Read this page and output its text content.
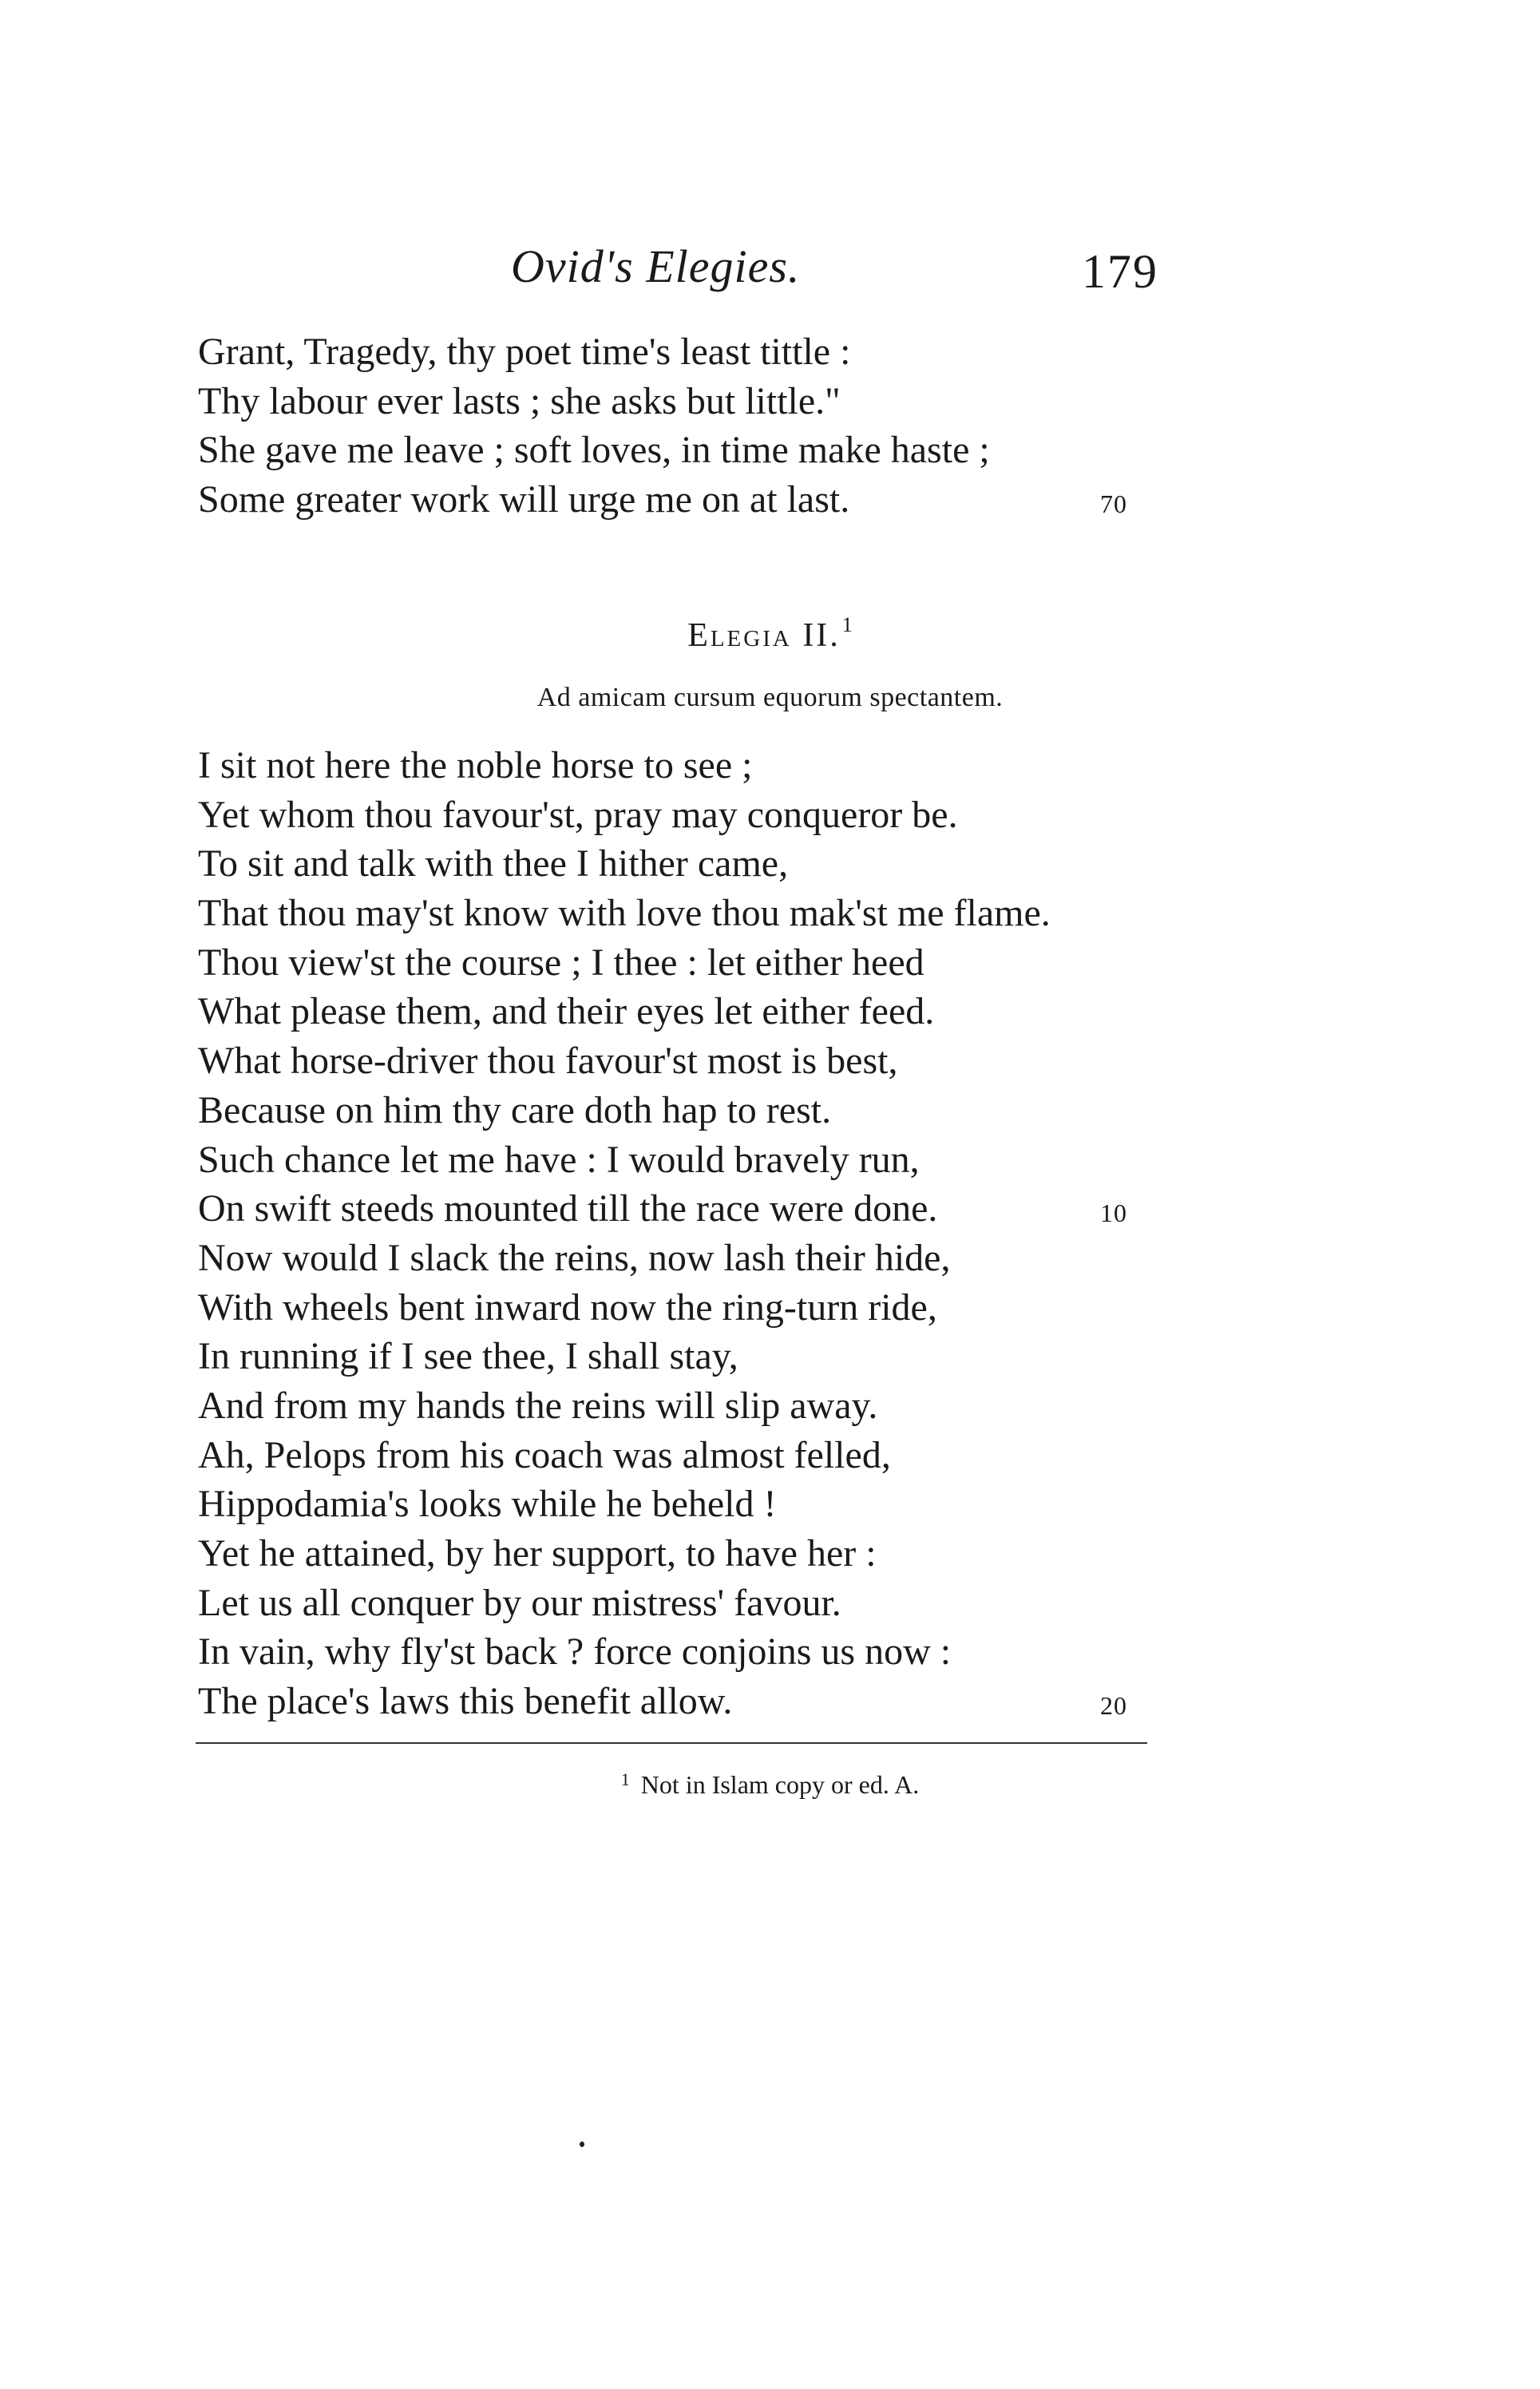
Ovid's Elegies.	179
Grant, Tragedy, thy poet time's least tittle :
Thy labour ever lasts ; she asks but little."
She gave me leave ; soft loves, in time make haste ;
Some greater work will urge me on at last.	70
Elegia II.$^1$
Ad amicam cursum equorum spectantem.
I sit not here the noble horse to see ;
Yet whom thou favour'st, pray may conqueror be.
To sit and talk with thee I hither came,
That thou may'st know with love thou mak'st me flame.
Thou view'st the course ; I thee : let either heed
What please them, and their eyes let either feed.
What horse-driver thou favour'st most is best,
Because on him thy care doth hap to rest.
Such chance let me have : I would bravely run,
On swift steeds mounted till the race were done.	10
Now would I slack the reins, now lash their hide,
With wheels bent inward now the ring-turn ride,
In running if I see thee, I shall stay,
And from my hands the reins will slip away.
Ah, Pelops from his coach was almost felled,
Hippodamia's looks while he beheld !
Yet he attained, by her support, to have her :
Let us all conquer by our mistress' favour.
In vain, why fly'st back ? force conjoins us now :
The place's laws this benefit allow.	20
$^1$ Not in Islam copy or ed. A.
